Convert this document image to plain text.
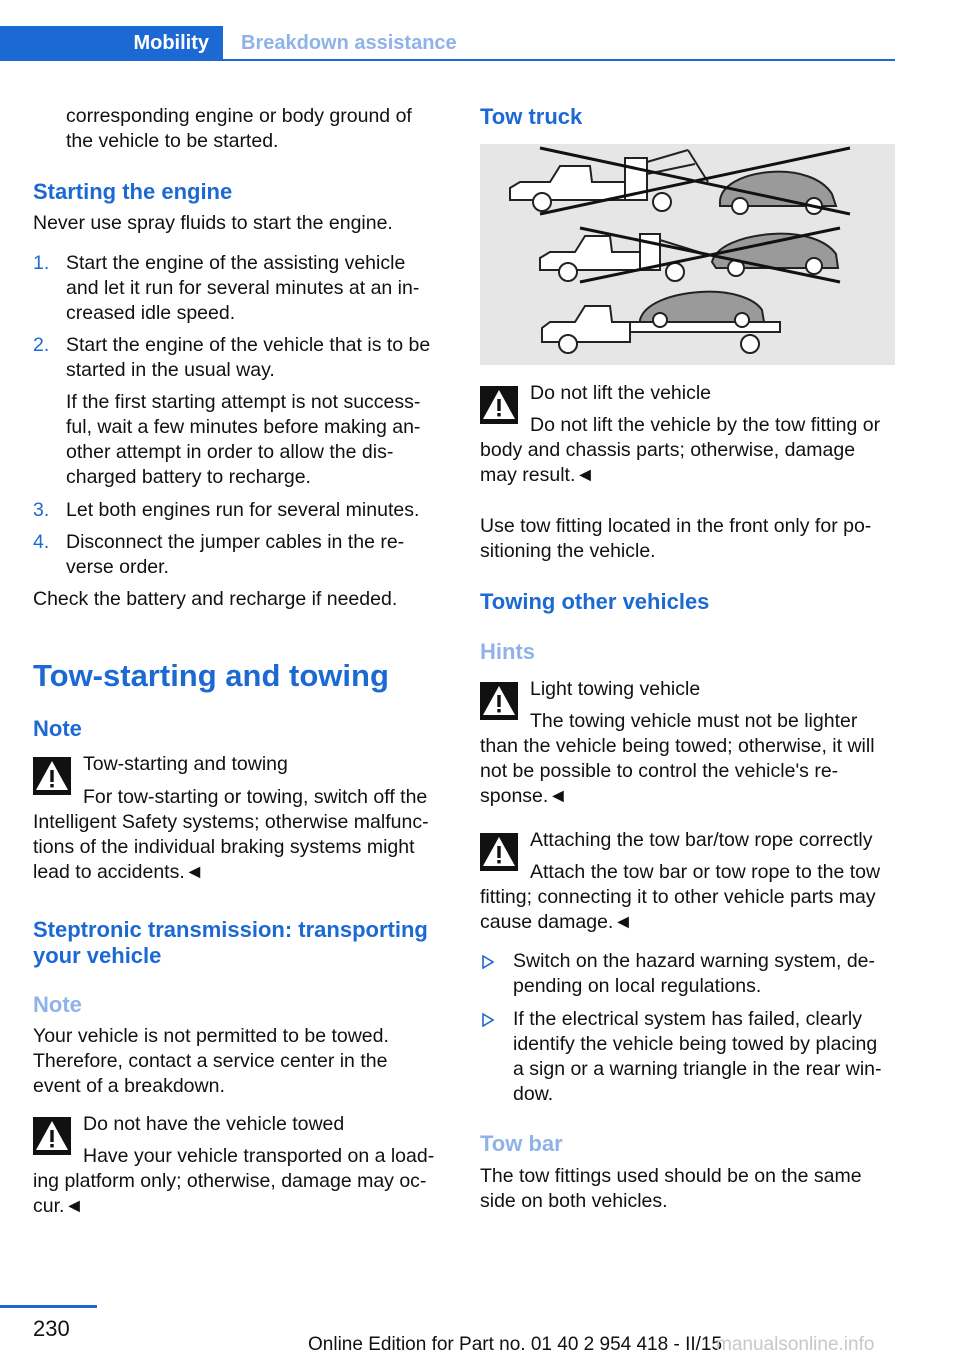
Mobility	Breakdown assistance
corresponding engine or body ground of
the vehicle to be started.
Starting the engine
Never use spray fluids to start the engine.
1. Start the engine of the assisting vehicle
and let it run for several minutes at an in-
creased idle speed.
2. Start the engine of the vehicle that is to be
started in the usual way.
If the first starting attempt is not success-
ful, wait a few minutes before making an-
other attempt in order to allow the dis-
charged battery to recharge.
3. Let both engines run for several minutes.
4. Disconnect the jumper cables in the re-
verse order.
Check the battery and recharge if needed.
Tow-starting and towing
Note
Tow-starting and towing
For tow-starting or towing, switch off the
Intelligent Safety systems; otherwise malfunc-
tions of the individual braking systems might
lead to accidents.◄
Steptronic transmission: transporting
your vehicle
Note
Your vehicle is not permitted to be towed.
Therefore, contact a service center in the
event of a breakdown.
Do not have the vehicle towed
Have your vehicle transported on a load-
ing platform only; otherwise, damage may oc-
cur.◄
Tow truck
Do not lift the vehicle
Do not lift the vehicle by the tow fitting or
body and chassis parts; otherwise, damage
may result.◄
Use tow fitting located in the front only for po-
sitioning the vehicle.
Towing other vehicles
Hints
Light towing vehicle
The towing vehicle must not be lighter
than the vehicle being towed; otherwise, it will
not be possible to control the vehicle's re-
sponse.◄
Attaching the tow bar/tow rope correctly
Attach the tow bar or tow rope to the tow
fitting; connecting it to other vehicle parts may
cause damage.◄
Switch on the hazard warning system, de-
pending on local regulations.
If the electrical system has failed, clearly
identify the vehicle being towed by placing
a sign or a warning triangle in the rear win-
dow.
Tow bar
The tow fittings used should be on the same
side on both vehicles.
230
Online Edition for Part no. 01 40 2 954 418 - II/15
manualsonline.info
